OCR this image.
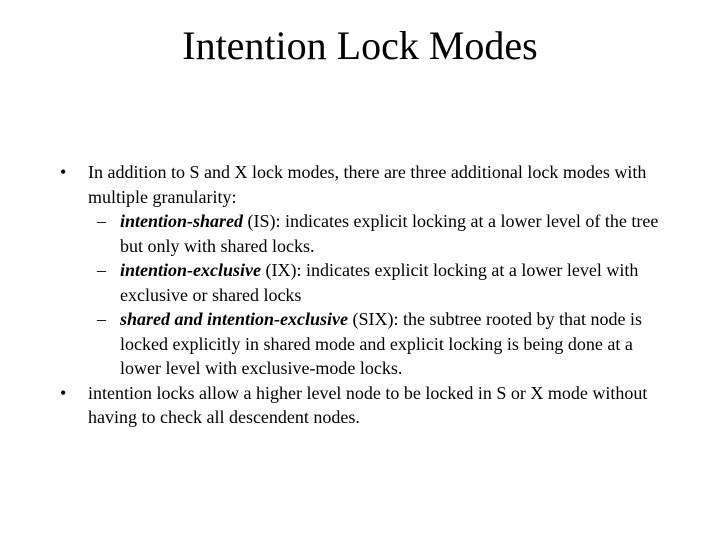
Intention Lock Modes
•	In addition to S and X lock modes, there are three additional lock modes with multiple granularity:
– intention-shared (IS): indicates explicit locking at a lower level of the tree but only with shared locks.
– intention-exclusive (IX): indicates explicit locking at a lower level with exclusive or shared locks
– shared and intention-exclusive (SIX): the subtree rooted by that node is locked explicitly in shared mode and explicit locking is being done at a lower level with exclusive-mode locks.
•	intention locks allow a higher level node to be locked in S or X mode without having to check all descendent nodes.
